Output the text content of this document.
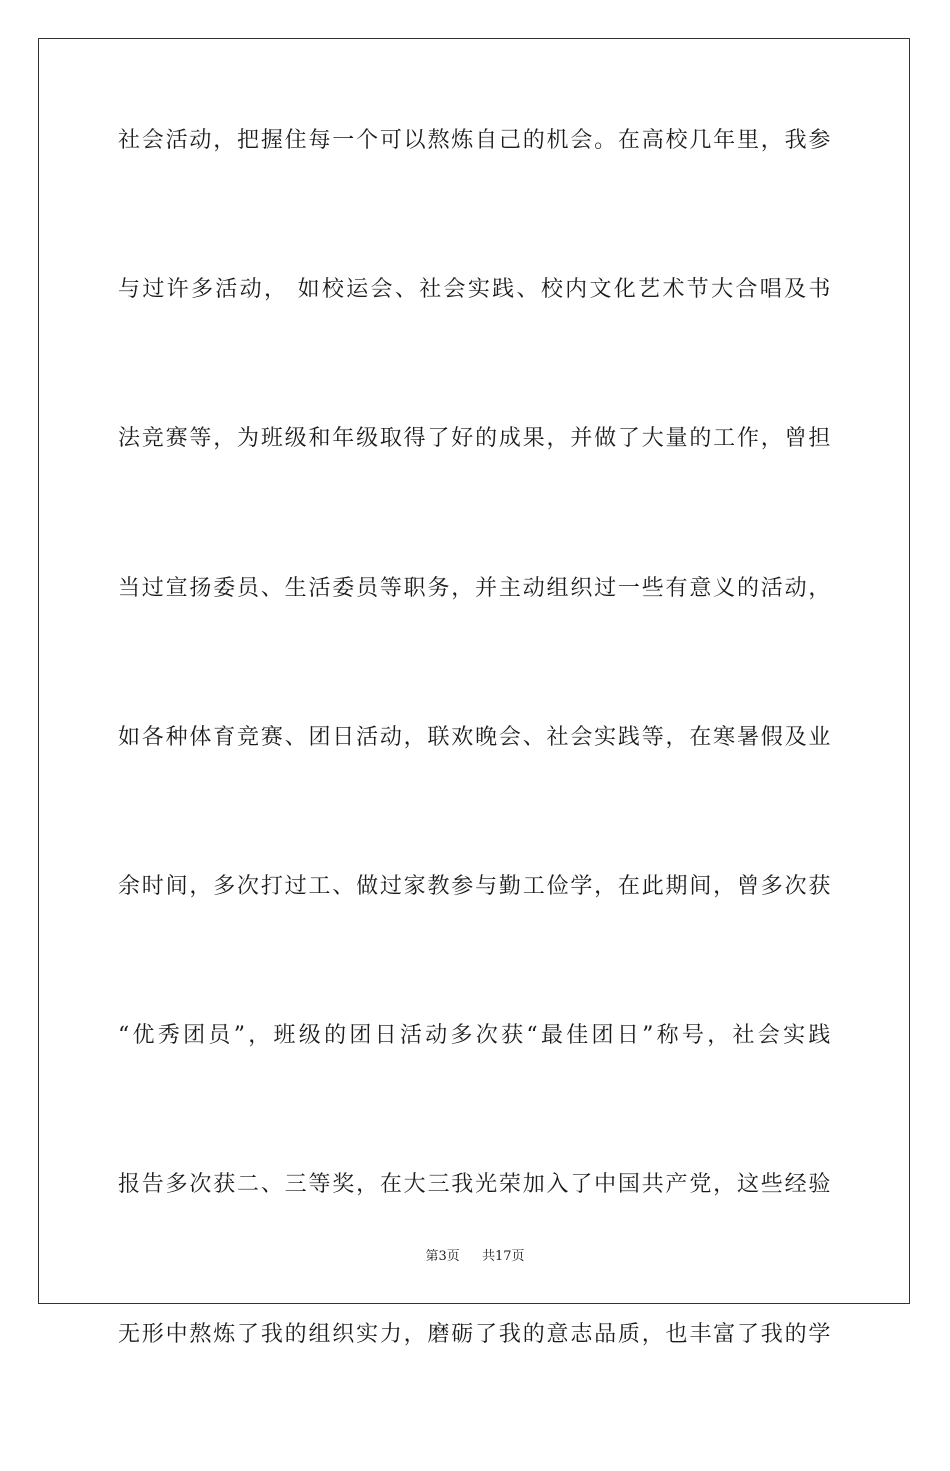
社会活动，把握住每一个可以熬炼自己的机会。在高校几年里，我参
与过许多活动， 如校运会、社会实践、校内文化艺术节大合唱及书
法竞赛等，为班级和年级取得了好的成果，并做了大量的工作，曾担
当过宣扬委员、生活委员等职务，并主动组织过一些有意义的活动，
如各种体育竞赛、团日活动，联欢晚会、社会实践等，在寒暑假及业
余时间，多次打过工、做过家教参与勤工俭学，在此期间，曾多次获
“优秀团员”，班级的团日活动多次获“最佳团日”称号，社会实践
报告多次获二、三等奖，在大三我光荣加入了中国共产党，这些经验
无形中熬炼了我的组织实力，磨砺了我的意志品质，也丰富了我的学
第3页 共17页
